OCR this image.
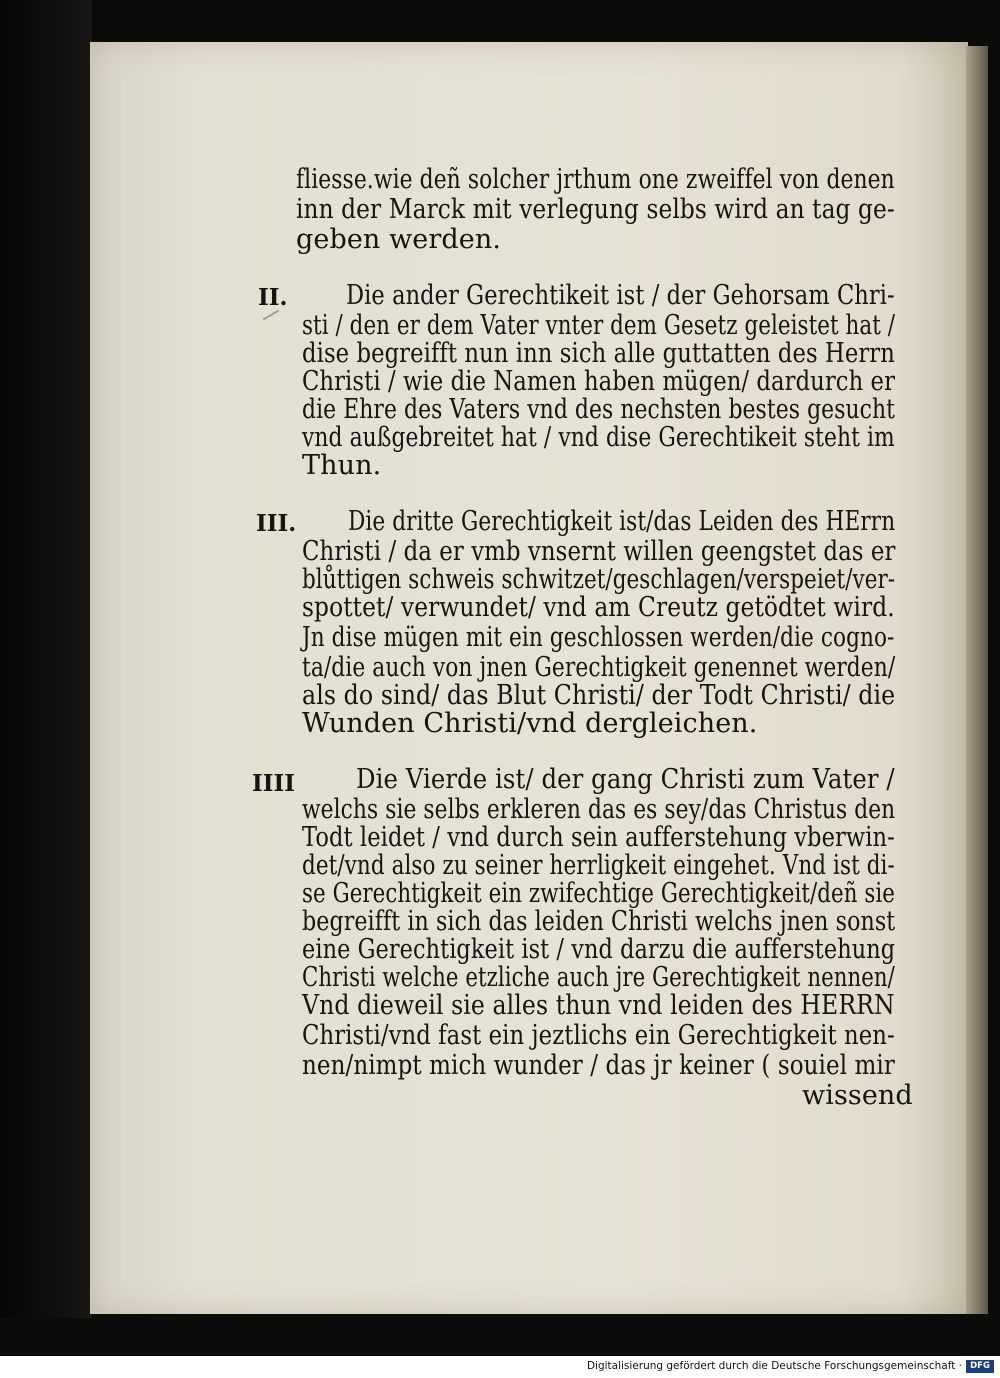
fliesse.wie deñ solcher jrthum one zweiffel von denen

inn der Marck mit verlegung selbs wird an tag ge-

geben werden.

II. Die ander Gerechtikeit ist / der Gehorsam Chri-

sti / den er dem Vater vnter dem Gesetz geleistet hat /

dise begreifft nun inn sich alle guttatten des Herrn

Christi / wie die Namen haben mügen/ dardurch er

die Ehre des Vaters vnd des nechsten bestes gesucht

vnd außgebreitet hat / vnd dise Gerechtikeit steht im

Thun.

III. Die dritte Gerechtigkeit ist/das Leiden des HErrn

Christi / da er vmb vnsernt willen geengstet das er

blůttigen schweis schwitzet/geschlagen/verspeiet/ver-

spottet/ verwundet/ vnd am Creutz getödtet wird.

Jn dise mügen mit ein geschlossen werden/die cogno-

ta/die auch von jnen Gerechtigkeit genennet werden/

als do sind/ das Blut Christi/ der Todt Christi/ die

Wunden Christi/vnd dergleichen.

IIII Die Vierde ist/ der gang Christi zum Vater /

welchs sie selbs erkleren das es sey/das Christus den

Todt leidet / vnd durch sein aufferstehung vberwin-

det/vnd also zu seiner herrligkeit eingehet. Vnd ist di-

se Gerechtigkeit ein zwifechtige Gerechtigkeit/deñ sie

begreifft in sich das leiden Christi welchs jnen sonst

eine Gerechtigkeit ist / vnd darzu die aufferstehung

Christi welche etzliche auch jre Gerechtigkeit nennen/

Vnd dieweil sie alles thun vnd leiden des HERRN

Christi/vnd fast ein jeztlichs ein Gerechtigkeit nen-

nen/nimpt mich wunder / das jr keiner ( souiel mir

wissend

Digitalisierung gefördert durch die Deutsche Forschungsgemeinschaft · DFG
